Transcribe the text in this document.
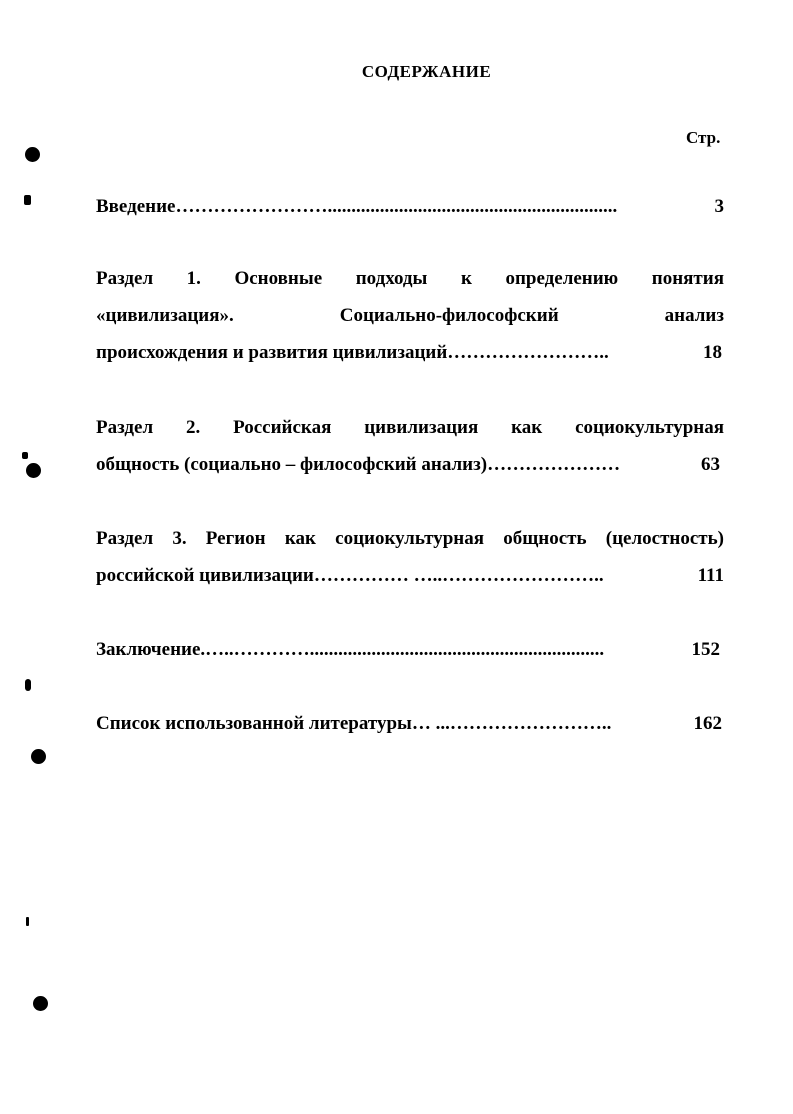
СОДЕРЖАНИЕ
Стр.
Введение …………………….............................................................	3
Раздел 1. Основные подходы к определению понятия
«цивилизация». Социально-философский анализ
происхождения и развития цивилизаций ……………………..	18
Раздел 2. Российская цивилизация как социокультурная
общность (социально – философский анализ) …………………	63
Раздел 3. Регион как социокультурная общность (целостность)
российской цивилизации …………… …..……………………..	111
Заключение. …..…………..............................................................	152
Список использованной литературы … ...……………………..	162
